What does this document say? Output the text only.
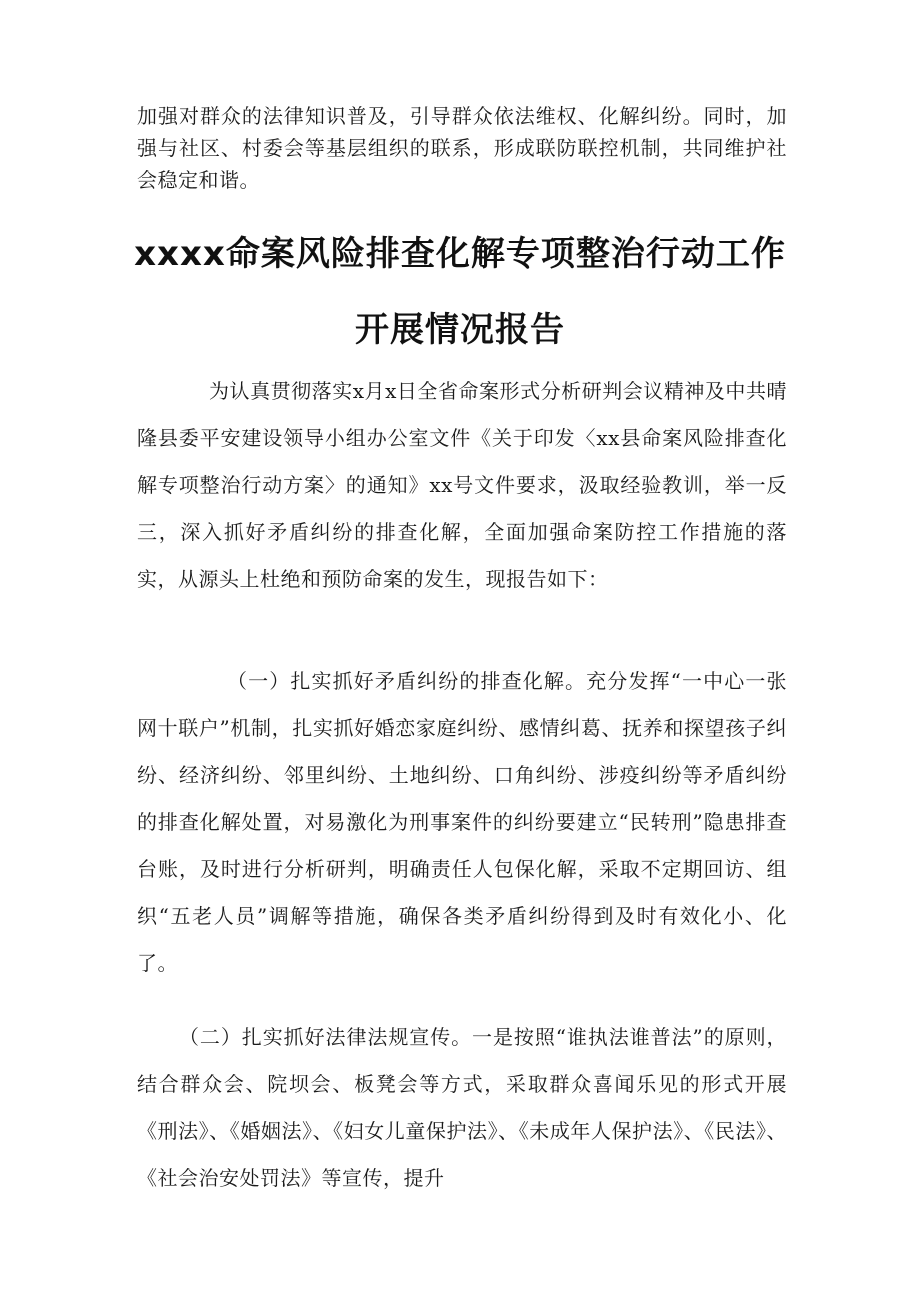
加强对群众的法律知识普及，引导群众依法维权、化解纠纷。同时，加强与社区、村委会等基层组织的联系，形成联防联控机制，共同维护社会稳定和谐。

xxxx命案风险排查化解专项整治行动工作
开展情况报告

为认真贯彻落实x月x日全省命案形式分析研判会议精神及中共晴隆县委平安建设领导小组办公室文件《关于印发〈xx县命案风险排查化解专项整治行动方案〉的通知》xx号文件要求，汲取经验教训，举一反三，深入抓好矛盾纠纷的排查化解，全面加强命案防控工作措施的落实，从源头上杜绝和预防命案的发生，现报告如下：

（一）扎实抓好矛盾纠纷的排查化解。充分发挥“一中心一张网十联户”机制，扎实抓好婚恋家庭纠纷、感情纠葛、抚养和探望孩子纠纷、经济纠纷、邻里纠纷、土地纠纷、口角纠纷、涉疫纠纷等矛盾纠纷的排查化解处置，对易激化为刑事案件的纠纷要建立“民转刑”隐患排查台账，及时进行分析研判，明确责任人包保化解，采取不定期回访、组织“五老人员”调解等措施，确保各类矛盾纠纷得到及时有效化小、化了。

（二）扎实抓好法律法规宣传。一是按照“谁执法谁普法”的原则，结合群众会、院坝会、板凳会等方式，采取群众喜闻乐见的形式开展《刑法》、《婚姻法》、《妇女儿童保护法》、《未成年人保护法》、《民法》、《社会治安处罚法》等宣传，提升
